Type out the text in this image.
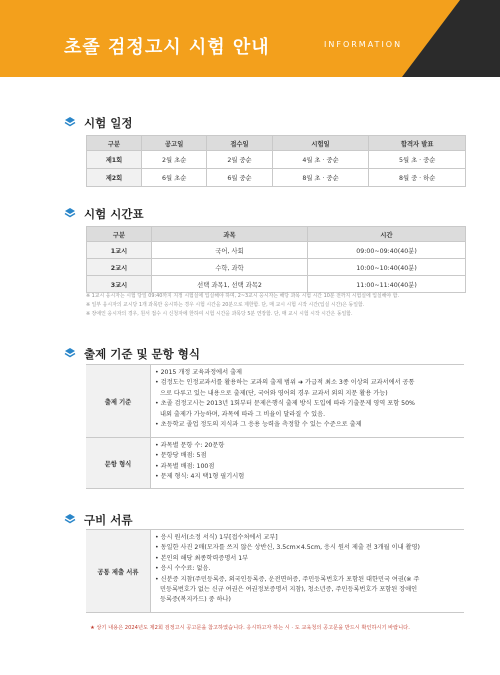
초졸 검정고시 시험 안내	INFORMATION
시험 일정
구분	공고일	접수일	시험일	합격자 발표
제1회	2월 초순	2월 중순	4월 초 · 중순	5월 초 · 중순
제2회	6월 초순	6월 중순	8월 초 · 중순	8월 중 · 하순
시험 시간표
구분	과목	시간
1교시	국어, 사회	09:00~09:40(40분)
2교시	수학, 과학	10:00~10:40(40분)
3교시	선택 과목1, 선택 과목2	11:00~11:40(40분)
※ 1교시 응시자는 시험 당일 09:40까지 지정 시험실에 입실해야 하며, 2~3교시 응시자는 해당 과목 시험 시간 10분 전까지 시험실에 입실해야 함.
※ 일부 응시자의 교시당 1개 과목만 응시하는 경우 시험 시간을 20분으로 제한함. 단, 매 교시 시험 시작 시간(입실 시간)은 동일함.
※ 장애인 응시자의 경우, 원서 접수 시 신청자에 한하여 시험 시간을 과목당 5분 연장함. 단, 매 교시 시험 시작 시간은 동일함.
출제 기준 및 문항 형식
출제 기준
• 2015 개정 교육과정에서 출제
• 검정도는 인정교과서를 활용하는 교과의 출제 범위 ➜ 가급적 최소 3종 이상의 교과서에서 공통
으로 다루고 있는 내용으로 출제(단, 국어와 영어의 경우 교과서 외의 지문 활용 가능)
• 초졸 검정고시는 2013년 1회부터 문제은행식 출제 방식 도입에 따라 기출문제 영역 포함 50%
내외 출제가 가능하며, 과목에 따라 그 비율이 달라질 수 있음.
• 초등학교 졸업 정도의 지식과 그 응용 능력을 측정할 수 있는 수준으로 출제
문항 형식
• 과목별 문항 수: 20문항
• 문항당 배점: 5점
• 과목별 배점: 100점
• 문제 형식: 4지 택1형 필기시험
구비 서류
공통 제출 서류
• 응시 원서(소정 서식) 1부[접수처에서 교부]
• 동일한 사진 2매(모자를 쓰지 않은 상반신, 3.5cm×4.5cm, 응시 원서 제출 전 3개월 이내 촬영)
• 본인의 해당 최종학력증명서 1부
• 응시 수수료: 없음.
• 신분증 지참(주민등록증, 외국인등록증, 운전면허증, 주민등록번호가 포함된 대한민국 여권(※ 주
민등록번호가 없는 신규 여권은 여권정보증명서 지참), 청소년증, 주민등록번호가 포함된 장애인
등록증(복지카드) 중 하나)
★ 상기 내용은 2024년도 제2회 검정고시 공고문을 참고하였습니다. 응시하고자 하는 시 · 도 교육청의 공고문을 반드시 확인하시기 바랍니다.
